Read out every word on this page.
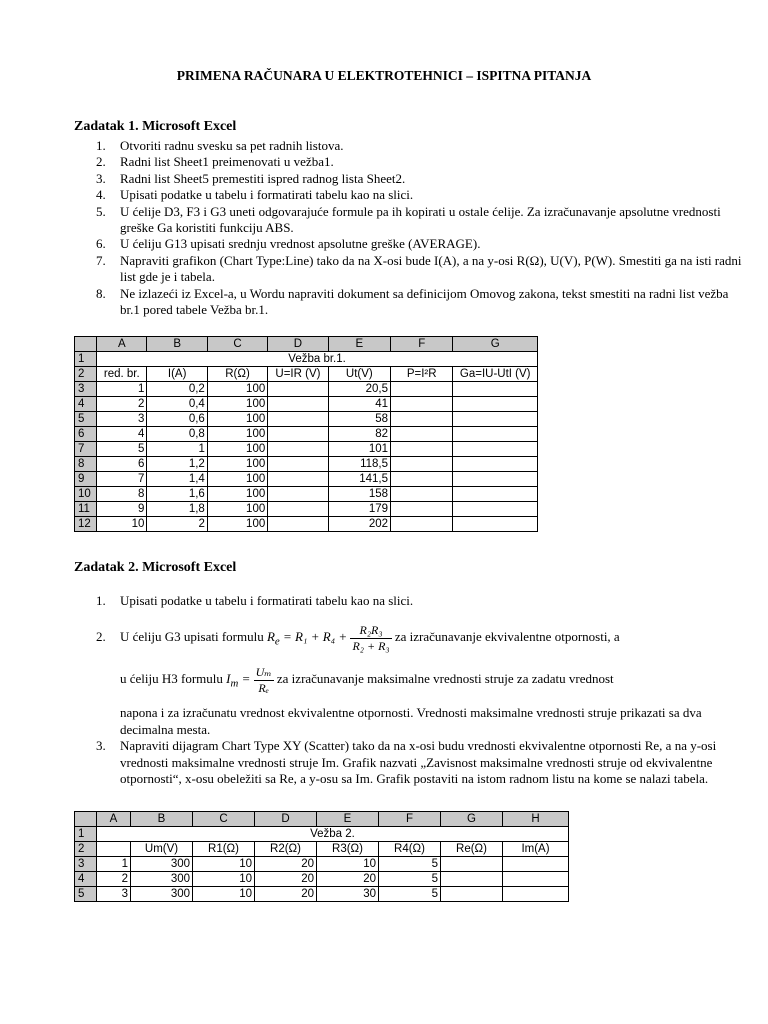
PRIMENA RAČUNARA U ELEKTROTEHNICI – ISPITNA PITANJA
Zadatak 1. Microsoft Excel
1. Otvoriti radnu svesku sa pet radnih listova.
2. Radni list Sheet1 preimenovati u vežba1.
3. Radni list Sheet5 premestiti ispred radnog lista Sheet2.
4. Upisati podatke u tabelu i formatirati tabelu kao na slici.
5. U ćelije D3, F3 i G3 uneti odgovarajuće formule pa ih kopirati u ostale ćelije. Za izračunavanje apsolutne vrednosti greške Ga koristiti funkciju ABS.
6. U ćeliju G13 upisati srednju vrednost apsolutne greške (AVERAGE).
7. Napraviti grafikon (Chart Type:Line) tako da na X-osi bude I(A), a na y-osi R(Ω), U(V), P(W). Smestiti ga na isti radni list gde je i tabela.
8. Ne izlazeći iz Excel-a, u Wordu napraviti dokument sa definicijom Omovog zakona, tekst smestiti na radni list vežba br.1 pored tabele Vežba br.1.
	A	B	C	D	E	F	G
1	Vežba br.1.						
2	red. br.	I(A)	R(Ω)	U=IR (V)	Ut(V)	P=I²R	Ga=IU-UtI (V)
3	1	0,2	100		20,5		
4	2	0,4	100		41		
5	3	0,6	100		58		
6	4	0,8	100		82		
7	5	1	100		101		
8	6	1,2	100		118,5		
9	7	1,4	100		141,5		
10	8	1,6	100		158		
11	9	1,8	100		179		
12	10	2	100		202		
Zadatak 2. Microsoft Excel
1. Upisati podatke u tabelu i formatirati tabelu kao na slici.
2. U ćeliju G3 upisati formulu $R_e = R_1 + R_4 + \frac{\text{R₂R₃}}{\text{R₂ + R₃}}$ za izračunavanje ekvivalentne otpornosti, a
u ćeliju H3 formulu $I_m = \frac{\text{Uₘ}}{\text{Rₑ}}$ za izračunavanje maksimalne vrednosti struje za zadatu vrednost
napona i za izračunatu vrednost ekvivalentne otpornosti. Vrednosti maksimalne vrednosti struje prikazati sa dva decimalna mesta.
3. Napraviti dijagram Chart Type XY (Scatter) tako da na x-osi budu vrednosti ekvivalentne otpornosti Re, a na y-osi vrednosti maksimalne vrednosti struje Im. Grafik nazvati „Zavisnost maksimalne vrednosti struje od ekvivalentne otpornosti“, x-osu obeležiti sa Re, a y-osu sa Im. Grafik postaviti na istom radnom listu na kome se nalazi tabela.
	A	B	C	D	E	F	G	H
1	Vežba 2.							
2		Um(V)	R1(Ω)	R2(Ω)	R3(Ω)	R4(Ω)	Re(Ω)	Im(A)
3	1	300	10	20	10	5		
4	2	300	10	20	20	5		
5	3	300	10	20	30	5		
